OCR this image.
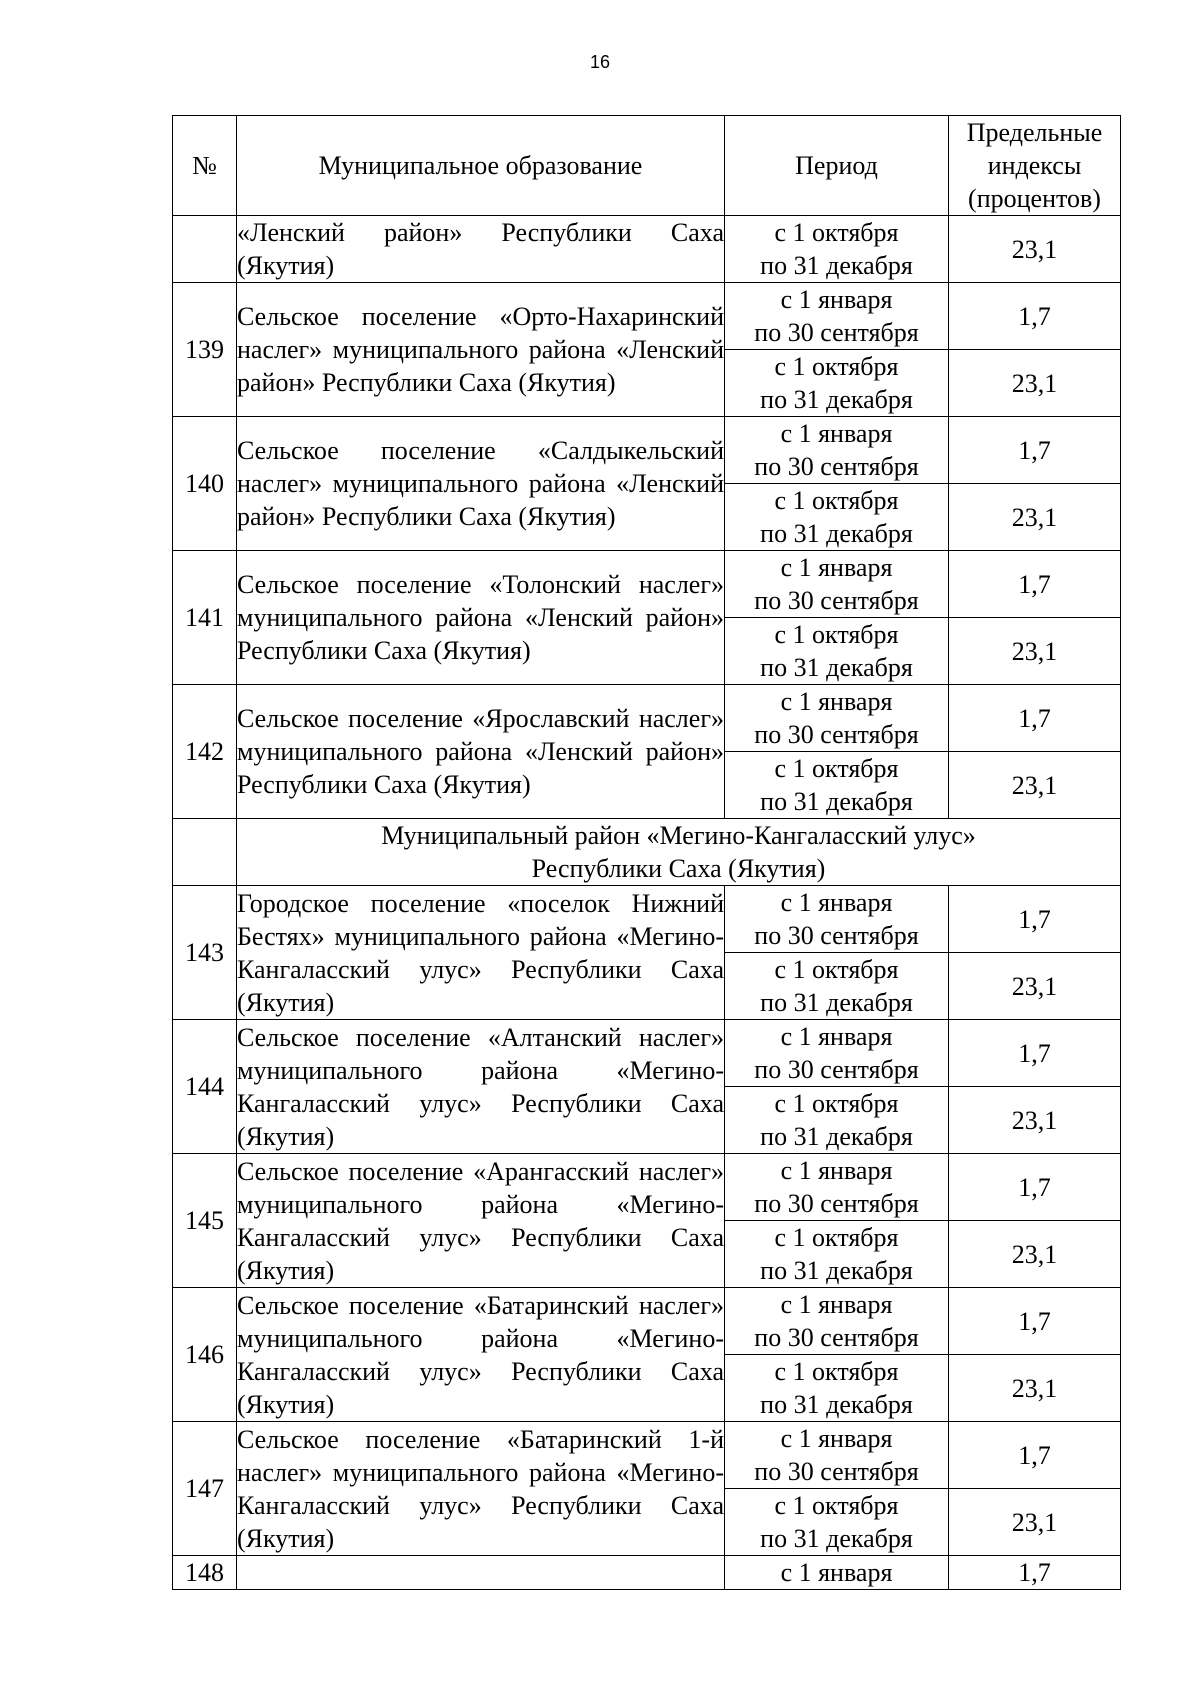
16
№	Муниципальное образование	Период	Предельные
индексы
(процентов)

	«Ленский район» Республики Саха (Якутия)	с 1 октября
по 31 декабря	23,1
139	Сельское поселение «Орто-Нахаринский наслег» муниципального района «Ленский район» Республики Саха (Якутия)	с 1 января
по 30 сентября	1,7

		с 1 октября
по 31 декабря	23,1
140	Сельское поселение «Салдыкельский наслег» муниципального района «Ленский район» Республики Саха (Якутия)	с 1 января
по 30 сентября	1,7

		с 1 октября
по 31 декабря	23,1
141	Сельское поселение «Толонский наслег» муниципального района «Ленский район» Республики Саха (Якутия)	с 1 января
по 30 сентября	1,7

		с 1 октября
по 31 декабря	23,1
142	Сельское поселение «Ярославский наслег» муниципального района «Ленский район» Республики Саха (Якутия)	с 1 января
по 30 сентября	1,7

		с 1 октября
по 31 декабря	23,1

	Муниципальный район «Мегино-Кангаласский улус»
Республики Саха (Якутия)		

143	Городское поселение «поселок Нижний Бестях» муниципального района «Мегино-Кангаласский улус» Республики Саха (Якутия)	с 1 января
по 30 сентября	1,7

		с 1 октября
по 31 декабря	23,1
144	Сельское поселение «Алтанский наслег» муниципального района «Мегино-Кангаласский улус» Республики Саха (Якутия)	с 1 января
по 30 сентября	1,7

		с 1 октября
по 31 декабря	23,1
145	Сельское поселение «Арангасский наслег» муниципального района «Мегино-Кангаласский улус» Республики Саха (Якутия)	с 1 января
по 30 сентября	1,7

		с 1 октября
по 31 декабря	23,1
146	Сельское поселение «Батаринский наслег» муниципального района «Мегино-Кангаласский улус» Республики Саха (Якутия)	с 1 января
по 30 сентября	1,7

		с 1 октября
по 31 декабря	23,1
147	Сельское поселение «Батаринский 1-й наслег» муниципального района «Мегино-Кангаласский улус» Республики Саха (Якутия)	с 1 января
по 30 сентября	1,7

		с 1 октября
по 31 декабря	23,1
148		с 1 января	1,7
